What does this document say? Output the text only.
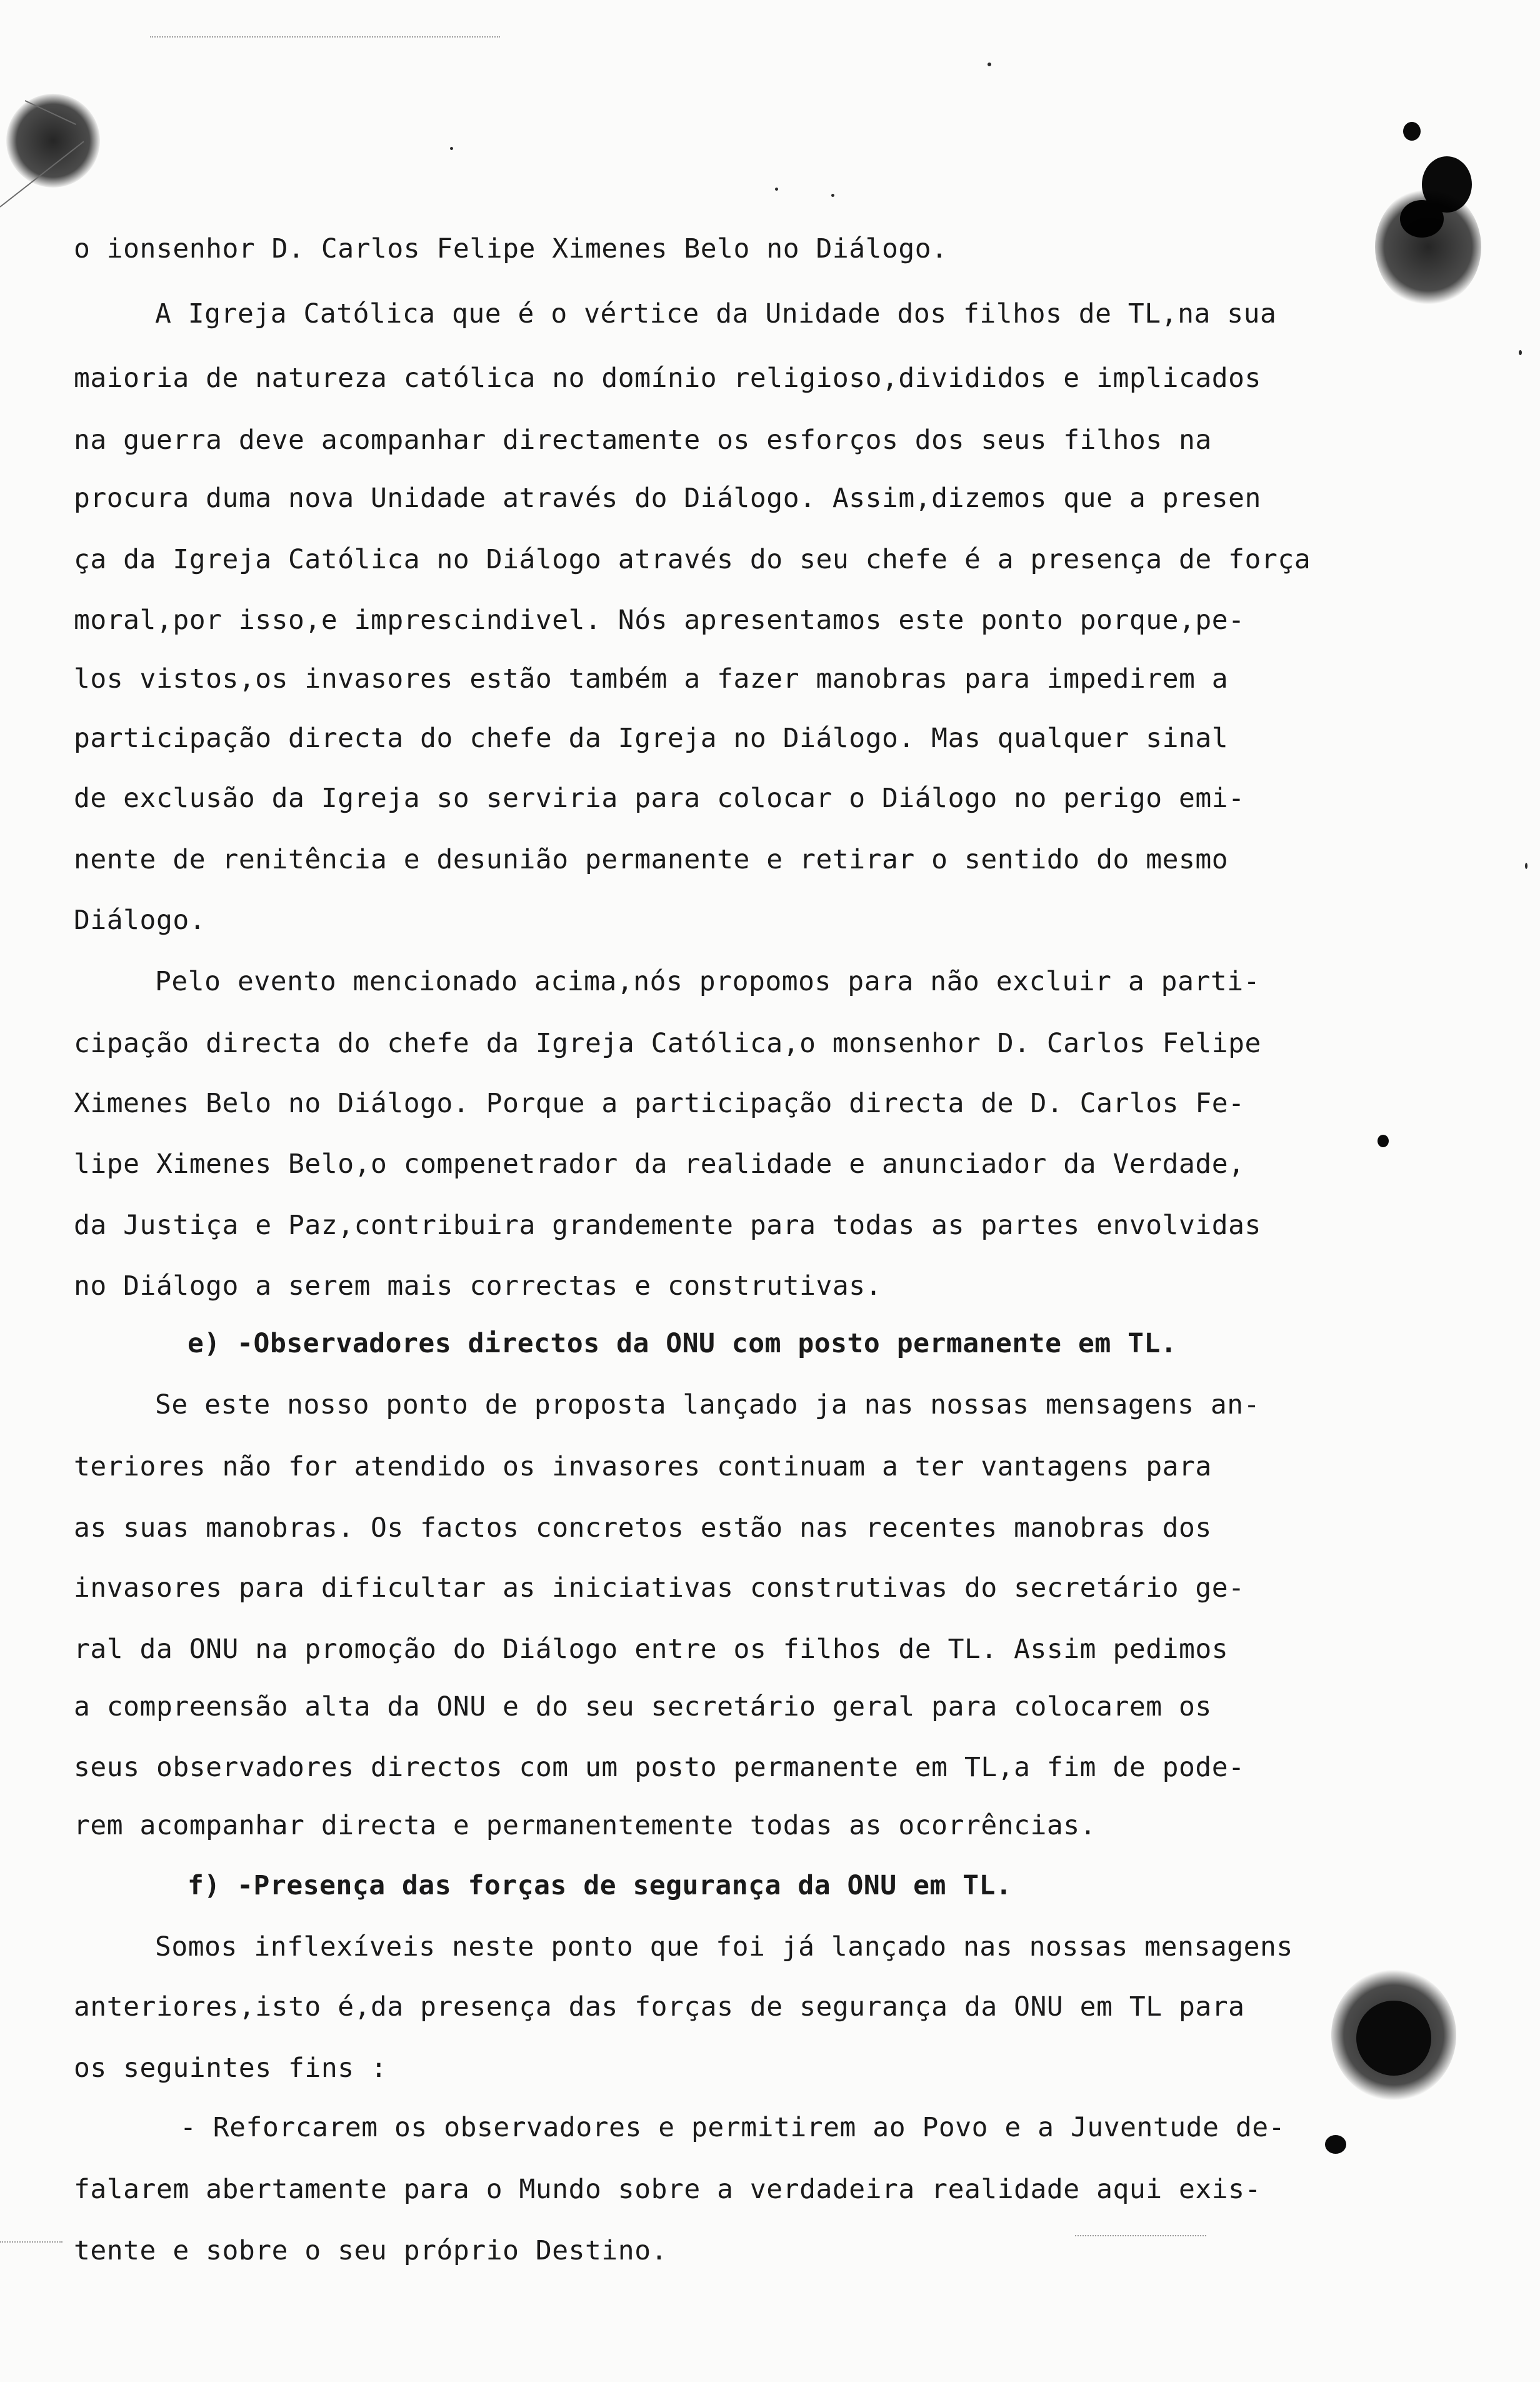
o ionsenhor D. Carlos Felipe Ximenes Belo no Diálogo.
A Igreja Católica que é o vértice da Unidade dos filhos de TL,na sua
maioria de natureza católica no domínio religioso,divididos e implicados
na guerra deve acompanhar directamente os esforços dos seus filhos na
procura duma nova Unidade através do Diálogo. Assim,dizemos que a presen
ça da Igreja Católica no Diálogo através do seu chefe é a presença de força
moral,por isso,e imprescindivel. Nós apresentamos este ponto porque,pe-
los vistos,os invasores estão também a fazer manobras para impedirem a
participação directa do chefe da Igreja no Diálogo. Mas qualquer sinal
de exclusão da Igreja so serviria para colocar o Diálogo no perigo emi-
nente de renitência e desunião permanente e retirar o sentido do mesmo
Diálogo.
Pelo evento mencionado acima,nós propomos para não excluir a parti-
cipação directa do chefe da Igreja Católica,o monsenhor D. Carlos Felipe
Ximenes Belo no Diálogo. Porque a participação directa de D. Carlos Fe-
lipe Ximenes Belo,o compenetrador da realidade e anunciador da Verdade,
da Justiça e Paz,contribuira grandemente para todas as partes envolvidas
no Diálogo a serem mais correctas e construtivas.
e) -Observadores directos da ONU com posto permanente em TL.
Se este nosso ponto de proposta lançado ja nas nossas mensagens an-
teriores não for atendido os invasores continuam a ter vantagens para
as suas manobras. Os factos concretos estão nas recentes manobras dos
invasores para dificultar as iniciativas construtivas do secretário ge-
ral da ONU na promoção do Diálogo entre os filhos de TL. Assim pedimos
a compreensão alta da ONU e do seu secretário geral para colocarem os
seus observadores directos com um posto permanente em TL,a fim de pode-
rem acompanhar directa e permanentemente todas as ocorrências.
f) -Presença das forças de segurança da ONU em TL.
Somos inflexíveis neste ponto que foi já lançado nas nossas mensagens
anteriores,isto é,da presença das forças de segurança da ONU em TL para
os seguintes fins :
- Reforcarem os observadores e permitirem ao Povo e a Juventude de-
falarem abertamente para o Mundo sobre a verdadeira realidade aqui exis-
tente e sobre o seu próprio Destino.
